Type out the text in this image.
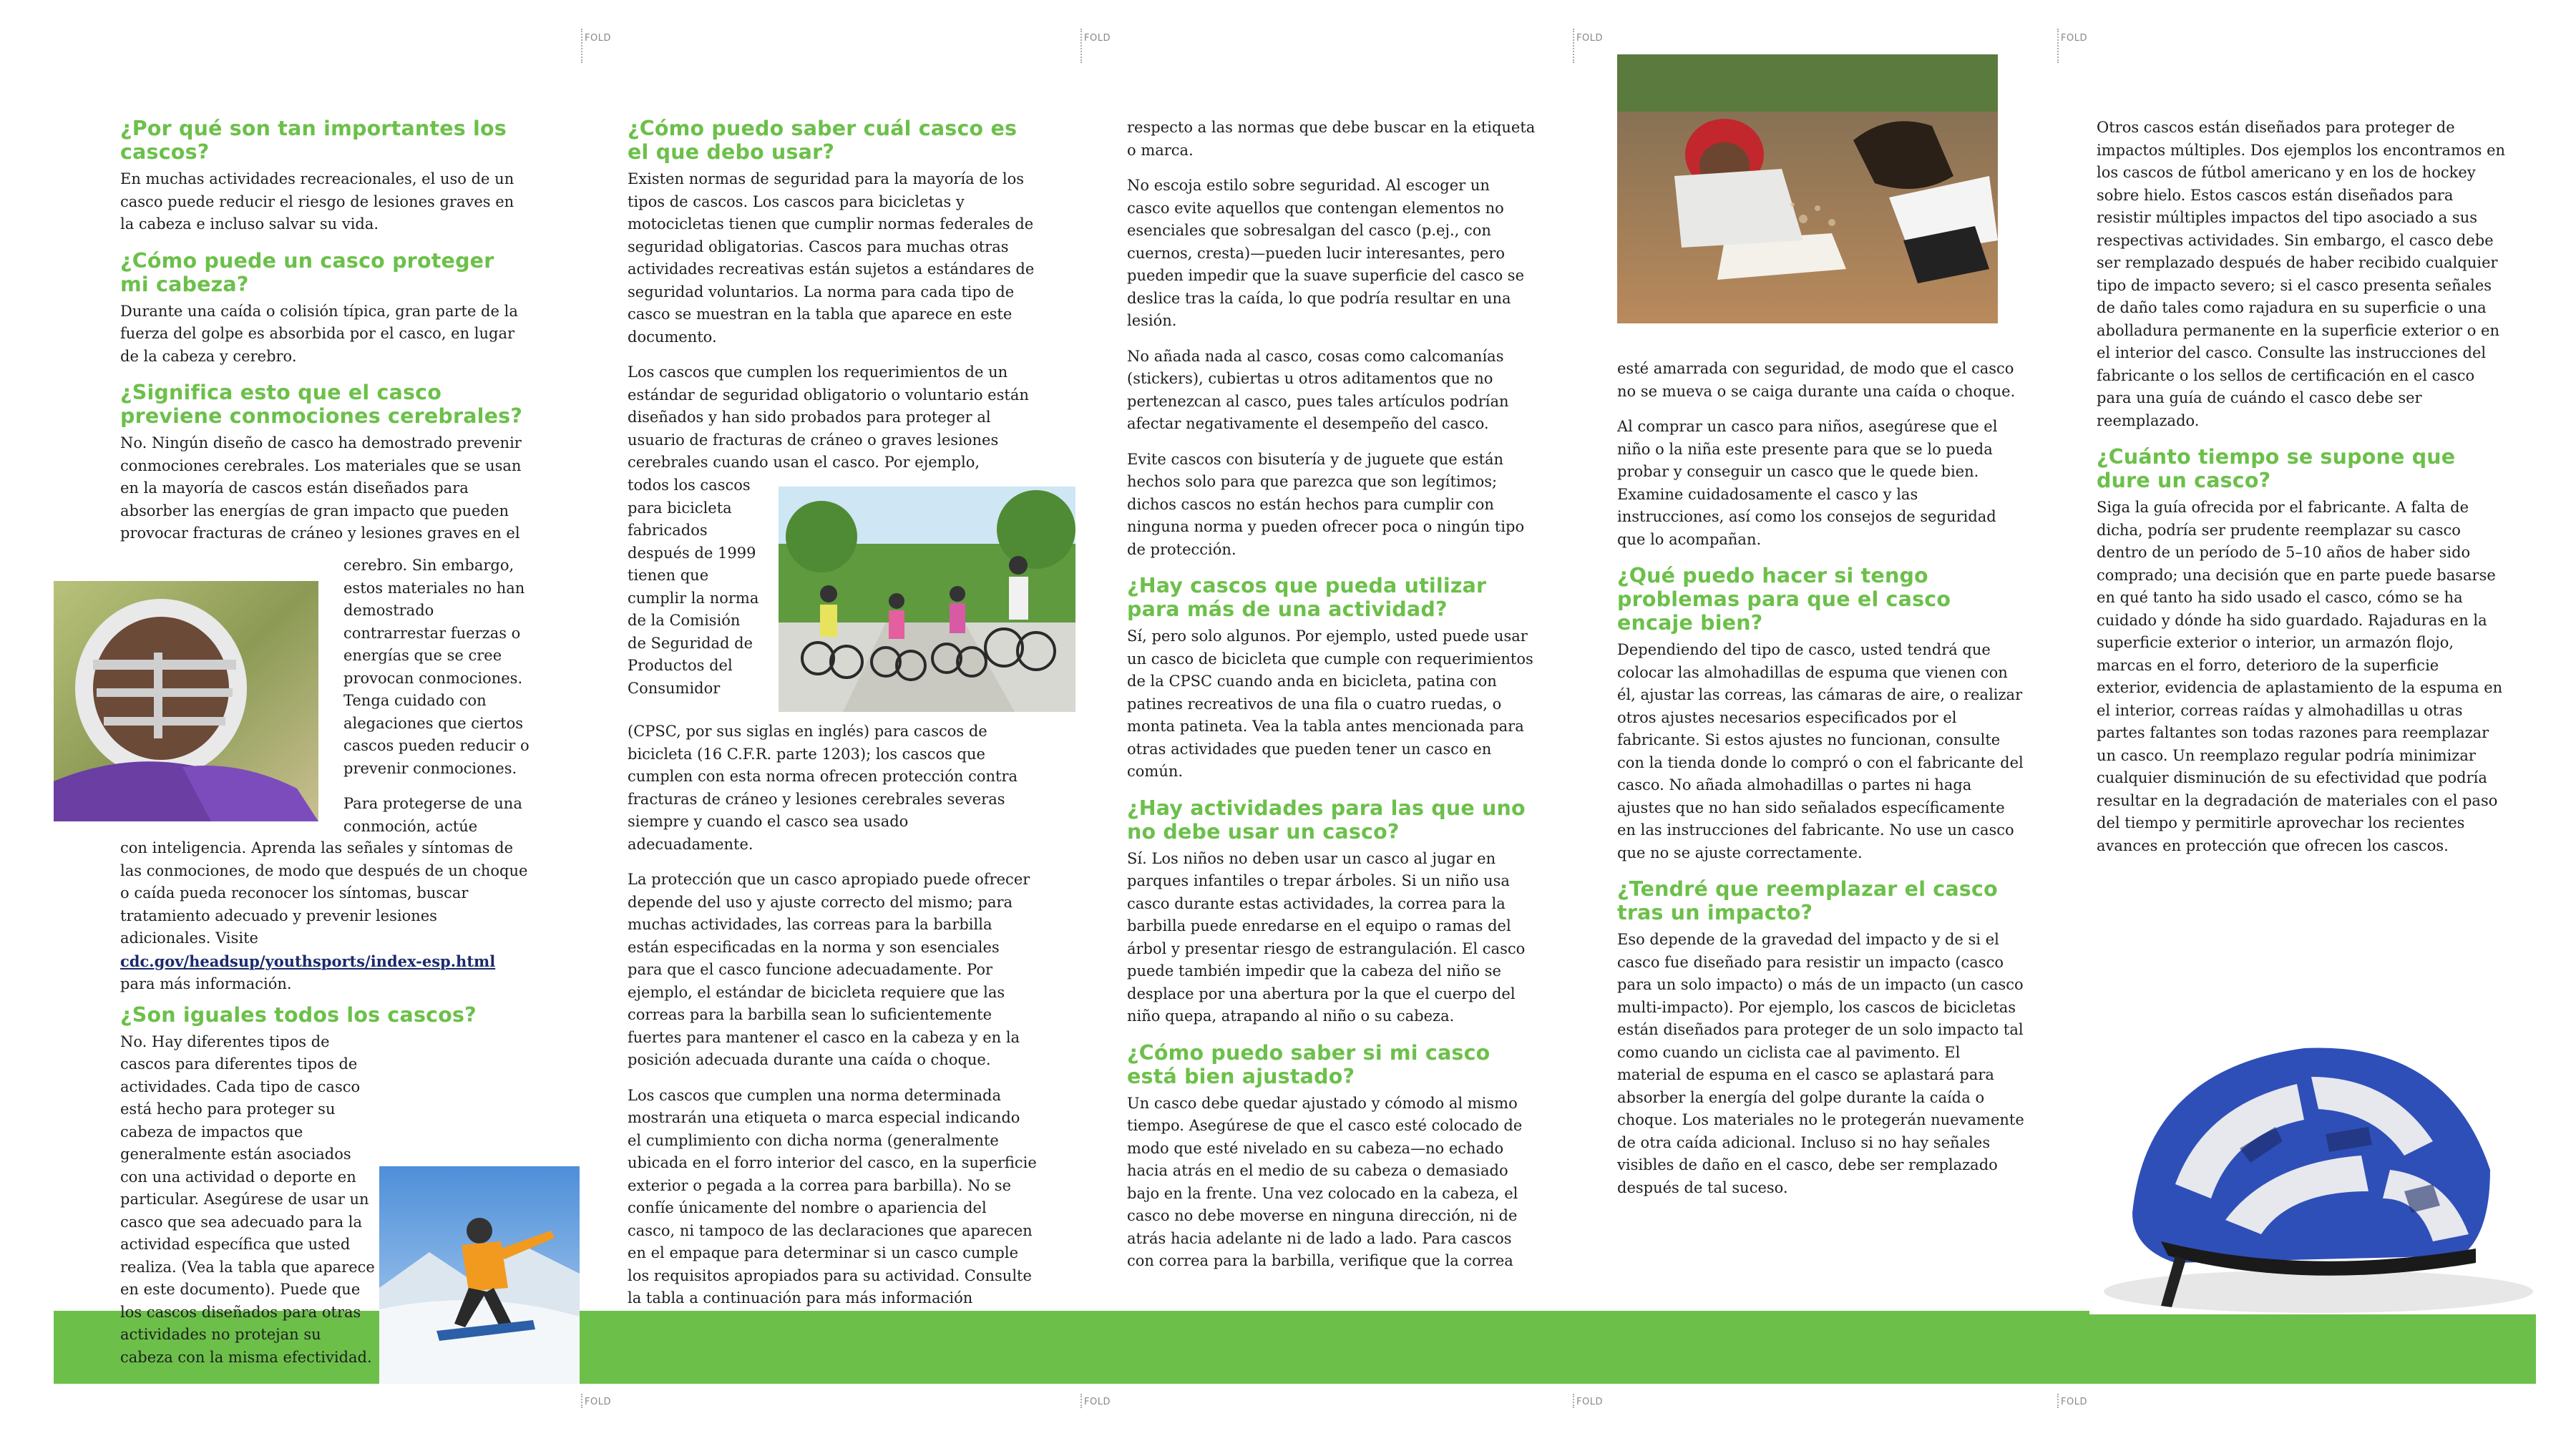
FOLD	FOLD	FOLD	FOLD
FOLD	FOLD	FOLD	FOLD
¿Por qué son tan importantes los cascos?

En muchas actividades recreacionales, el uso de un casco puede reducir el riesgo de lesiones graves en la cabeza e incluso salvar su vida.

¿Cómo puede un casco proteger mi cabeza?

Durante una caída o colisión típica, gran parte de la fuerza del golpe es absorbida por el casco, en lugar de la cabeza y cerebro.

¿Significa esto que el casco previene conmociones cerebrales?

No. Ningún diseño de casco ha demostrado prevenir conmociones cerebrales. Los materiales que se usan en la mayoría de cascos están diseñados para absorber las energías de gran impacto que pueden provocar fracturas de cráneo y lesiones graves en el

cerebro. Sin embargo, estos materiales no han demostrado contrarrestar fuerzas o energías que se cree provocan conmociones. Tenga cuidado con alegaciones que ciertos cascos pueden reducir o prevenir conmociones.

Para protegerse de una conmoción, actúe

con inteligencia. Aprenda las señales y síntomas de las conmociones, de modo que después de un choque o caída pueda reconocer los síntomas, buscar tratamiento adecuado y prevenir lesiones adicionales. Visite cdc.gov/headsup/youthsports/index-esp.html para más información.

¿Son iguales todos los cascos?

No. Hay diferentes tipos de cascos para diferentes tipos de actividades. Cada tipo de casco está hecho para proteger su cabeza de impactos que generalmente están asociados con una actividad o deporte en particular. Asegúrese de usar un casco que sea adecuado para la actividad específica que usted realiza. (Vea la tabla que aparece en este documento). Puede que los cascos diseñados para otras actividades no protejan su cabeza con la misma efectividad.

¿Cómo puedo saber cuál casco es el que debo usar?

Existen normas de seguridad para la mayoría de los tipos de cascos. Los cascos para bicicletas y motocicletas tienen que cumplir normas federales de seguridad obligatorias. Cascos para muchas otras actividades recreativas están sujetos a estándares de seguridad voluntarios. La norma para cada tipo de casco se muestran en la tabla que aparece en este documento.

Los cascos que cumplen los requerimientos de un estándar de seguridad obligatorio o voluntario están diseñados y han sido probados para proteger al usuario de fracturas de cráneo o graves lesiones cerebrales cuando usan el casco. Por ejemplo,

todos los cascos para bicicleta fabricados después de 1999 tienen que cumplir la norma de la Comisión de Seguridad de Productos del Consumidor

(CPSC, por sus siglas en inglés) para cascos de bicicleta (16 C.F.R. parte 1203); los cascos que cumplen con esta norma ofrecen protección contra fracturas de cráneo y lesiones cerebrales severas siempre y cuando el casco sea usado adecuadamente.

La protección que un casco apropiado puede ofrecer depende del uso y ajuste correcto del mismo; para muchas actividades, las correas para la barbilla están especificadas en la norma y son esenciales para que el casco funcione adecuadamente. Por ejemplo, el estándar de bicicleta requiere que las correas para la barbilla sean lo suficientemente fuertes para mantener el casco en la cabeza y en la posición adecuada durante una caída o choque.

Los cascos que cumplen una norma determinada mostrarán una etiqueta o marca especial indicando el cumplimiento con dicha norma (generalmente ubicada en el forro interior del casco, en la superficie exterior o pegada a la correa para barbilla). No se confíe únicamente del nombre o apariencia del casco, ni tampoco de las declaraciones que aparecen en el empaque para determinar si un casco cumple los requisitos apropiados para su actividad. Consulte la tabla a continuación para más información

respecto a las normas que debe buscar en la etiqueta o marca.

No escoja estilo sobre seguridad. Al escoger un casco evite aquellos que contengan elementos no esenciales que sobresalgan del casco (p.ej., con cuernos, cresta)—pueden lucir interesantes, pero pueden impedir que la suave superficie del casco se deslice tras la caída, lo que podría resultar en una lesión.

No añada nada al casco, cosas como calcomanías (stickers), cubiertas u otros aditamentos que no pertenezcan al casco, pues tales artículos podrían afectar negativamente el desempeño del casco.

Evite cascos con bisutería y de juguete que están hechos solo para que parezca que son legítimos; dichos cascos no están hechos para cumplir con ninguna norma y pueden ofrecer poca o ningún tipo de protección.

¿Hay cascos que pueda utilizar para más de una actividad?

Sí, pero solo algunos. Por ejemplo, usted puede usar un casco de bicicleta que cumple con requerimientos de la CPSC cuando anda en bicicleta, patina con patines recreativos de una fila o cuatro ruedas, o monta patineta. Vea la tabla antes mencionada para otras actividades que pueden tener un casco en común.

¿Hay actividades para las que uno no debe usar un casco?

Sí. Los niños no deben usar un casco al jugar en parques infantiles o trepar árboles. Si un niño usa casco durante estas actividades, la correa para la barbilla puede enredarse en el equipo o ramas del árbol y presentar riesgo de estrangulación. El casco puede también impedir que la cabeza del niño se desplace por una abertura por la que el cuerpo del niño quepa, atrapando al niño o su cabeza.

¿Cómo puedo saber si mi casco está bien ajustado?

Un casco debe quedar ajustado y cómodo al mismo tiempo. Asegúrese de que el casco esté colocado de modo que esté nivelado en su cabeza—no echado hacia atrás en el medio de su cabeza o demasiado bajo en la frente. Una vez colocado en la cabeza, el casco no debe moverse en ninguna dirección, ni de atrás hacia adelante ni de lado a lado. Para cascos con correa para la barbilla, verifique que la correa

esté amarrada con seguridad, de modo que el casco no se mueva o se caiga durante una caída o choque.

Al comprar un casco para niños, asegúrese que el niño o la niña este presente para que se lo pueda probar y conseguir un casco que le quede bien. Examine cuidadosamente el casco y las instrucciones, así como los consejos de seguridad que lo acompañan.

¿Qué puedo hacer si tengo problemas para que el casco encaje bien?

Dependiendo del tipo de casco, usted tendrá que colocar las almohadillas de espuma que vienen con él, ajustar las correas, las cámaras de aire, o realizar otros ajustes necesarios especificados por el fabricante. Si estos ajustes no funcionan, consulte con la tienda donde lo compró o con el fabricante del casco. No añada almohadillas o partes ni haga ajustes que no han sido señalados específicamente en las instrucciones del fabricante. No use un casco que no se ajuste correctamente.

¿Tendré que reemplazar el casco tras un impacto?

Eso depende de la gravedad del impacto y de si el casco fue diseñado para resistir un impacto (casco para un solo impacto) o más de un impacto (un casco multi-impacto). Por ejemplo, los cascos de bicicletas están diseñados para proteger de un solo impacto tal como cuando un ciclista cae al pavimento. El material de espuma en el casco se aplastará para absorber la energía del golpe durante la caída o choque. Los materiales no le protegerán nuevamente de otra caída adicional. Incluso si no hay señales visibles de daño en el casco, debe ser remplazado después de tal suceso.

Otros cascos están diseñados para proteger de impactos múltiples. Dos ejemplos los encontramos en los cascos de fútbol americano y en los de hockey sobre hielo. Estos cascos están diseñados para resistir múltiples impactos del tipo asociado a sus respectivas actividades. Sin embargo, el casco debe ser remplazado después de haber recibido cualquier tipo de impacto severo; si el casco presenta señales de daño tales como rajadura en su superficie o una abolladura permanente en la superficie exterior o en el interior del casco. Consulte las instrucciones del fabricante o los sellos de certificación en el casco para una guía de cuándo el casco debe ser reemplazado.

¿Cuánto tiempo se supone que dure un casco?

Siga la guía ofrecida por el fabricante. A falta de dicha, podría ser prudente reemplazar su casco dentro de un período de 5–10 años de haber sido comprado; una decisión que en parte puede basarse en qué tanto ha sido usado el casco, cómo se ha cuidado y dónde ha sido guardado. Rajaduras en la superficie exterior o interior, un armazón flojo, marcas en el forro, deterioro de la superficie exterior, evidencia de aplastamiento de la espuma en el interior, correas raídas y almohadillas u otras partes faltantes son todas razones para reemplazar un casco. Un reemplazo regular podría minimizar cualquier disminución de su efectividad que podría resultar en la degradación de materiales con el paso del tiempo y permitirle aprovechar los recientes avances en protección que ofrecen los cascos.
